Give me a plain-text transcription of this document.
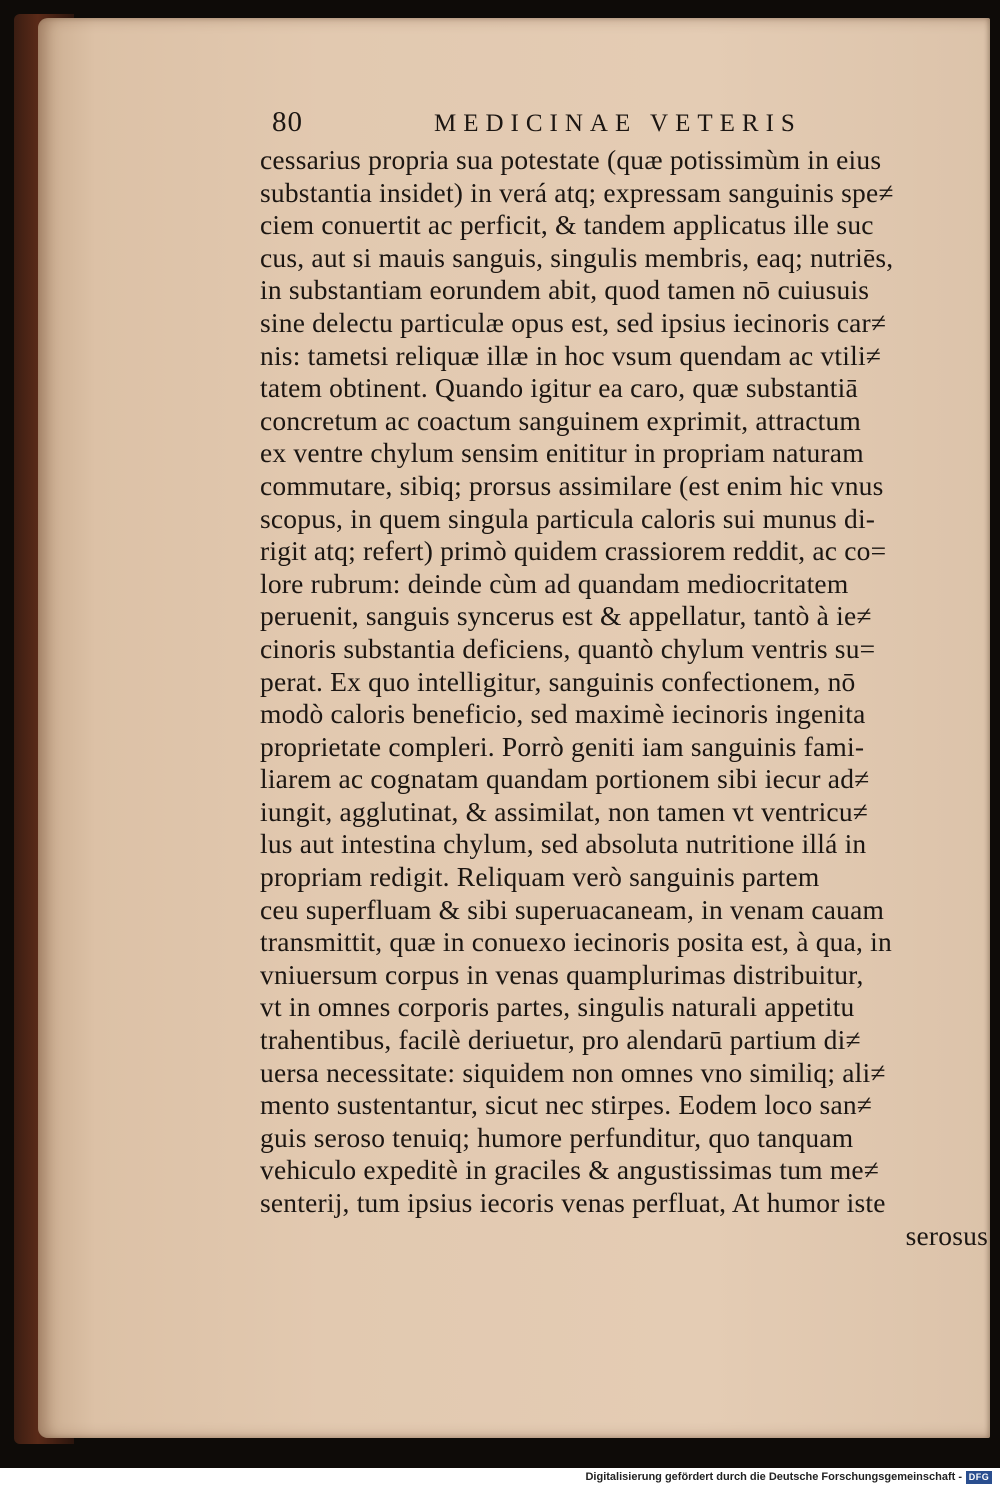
80	MEDICINAE VETERIS
cessarius propria sua potestate (quæ potissimùm in eius
substantia insidet) in verá atq; expressam sanguinis spe≠
ciem conuertit ac perficit, & tandem applicatus ille suc
cus, aut si mauis sanguis, singulis membris, eaq; nutriēs,
in substantiam eorundem abit, quod tamen nō cuiusuis
sine delectu particulæ opus est, sed ipsius iecinoris car≠
nis: tametsi reliquæ illæ in hoc vsum quendam ac vtili≠
tatem obtinent. Quando igitur ea caro, quæ substantiā
concretum ac coactum sanguinem exprimit, attractum
ex ventre chylum sensim enititur in propriam naturam
commutare, sibiq; prorsus assimilare (est enim hic vnus
scopus, in quem singula particula caloris sui munus di-
rigit atq; refert) primò quidem crassiorem reddit, ac co=
lore rubrum: deinde cùm ad quandam mediocritatem
peruenit, sanguis syncerus est & appellatur, tantò à ie≠
cinoris substantia deficiens, quantò chylum ventris su=
perat. Ex quo intelligitur, sanguinis confectionem, nō
modò caloris beneficio, sed maximè iecinoris ingenita
proprietate compleri. Porrò geniti iam sanguinis fami-
liarem ac cognatam quandam portionem sibi iecur ad≠
iungit, agglutinat, & assimilat, non tamen vt ventricu≠
lus aut intestina chylum, sed absoluta nutritione illá in
propriam redigit. Reliquam verò sanguinis partem
ceu superfluam & sibi superuacaneam, in venam cauam
transmittit, quæ in conuexo iecinoris posita est, à qua, in
vniuersum corpus in venas quamplurimas distribuitur,
vt in omnes corporis partes, singulis naturali appetitu
trahentibus, facilè deriuetur, pro alendarū partium di≠
uersa necessitate: siquidem non omnes vno similiq; ali≠
mento sustentantur, sicut nec stirpes. Eodem loco san≠
guis seroso tenuiq; humore perfunditur, quo tanquam
vehiculo expeditè in graciles & angustissimas tum me≠
senterij, tum ipsius iecoris venas perfluat, At humor iste
serosus
Digitalisierung gefördert durch die Deutsche Forschungsgemeinschaft - DFG
